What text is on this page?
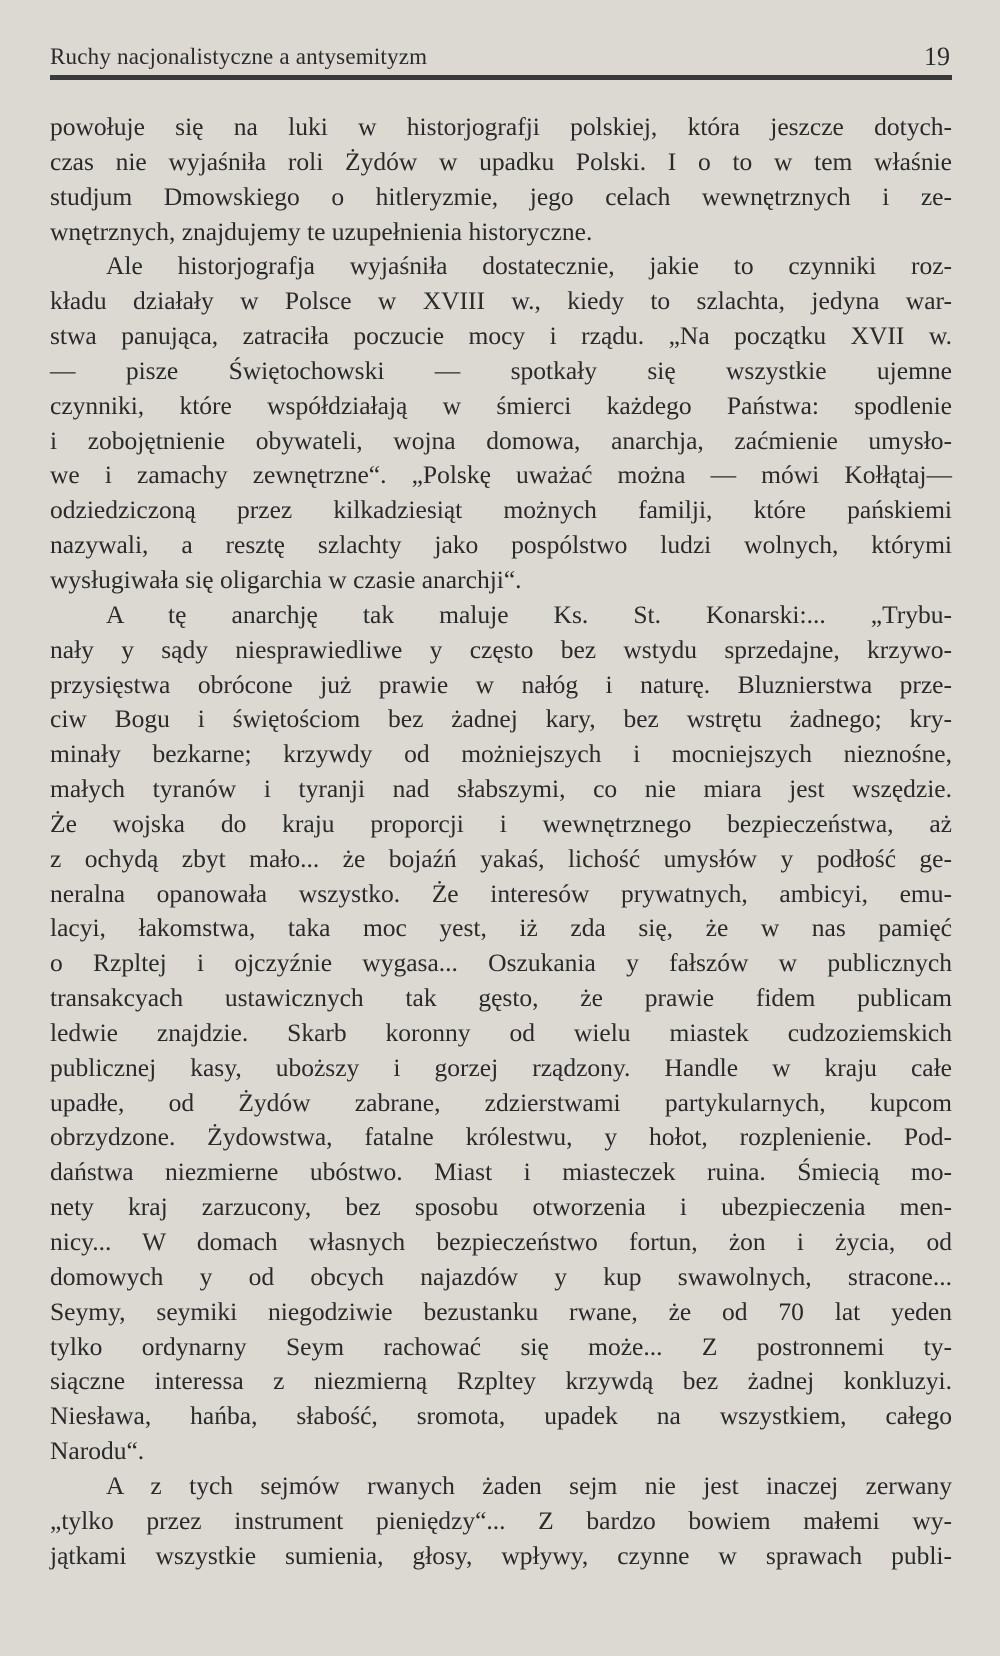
Ruchy nacjonalistyczne a antysemityzm	19

powołuje się na luki w historjografji polskiej, która jeszcze dotych-
czas nie wyjaśniła roli Żydów w upadku Polski. I o to w tem właśnie
studjum Dmowskiego o hitleryzmie, jego celach wewnętrznych i ze-
wnętrznych, znajdujemy te uzupełnienia historyczne.
Ale historjografja wyjaśniła dostatecznie, jakie to czynniki roz-
kładu działały w Polsce w XVIII w., kiedy to szlachta, jedyna war-
stwa panująca, zatraciła poczucie mocy i rządu. „Na początku XVII w.
— pisze Świętochowski — spotkały się wszystkie ujemne
czynniki, które współdziałają w śmierci każdego Państwa: spodlenie
i zobojętnienie obywateli, wojna domowa, anarchja, zaćmienie umysło-
we i zamachy zewnętrzne“. „Polskę uważać można — mówi Kołłątaj—
odziedziczoną przez kilkadziesiąt możnych familji, które pańskiemi
nazywali, a resztę szlachty jako pospólstwo ludzi wolnych, którymi
wysługiwała się oligarchia w czasie anarchji“.
A tę anarchję tak maluje Ks. St. Konarski:... „Trybu-
nały y sądy niesprawiedliwe y często bez wstydu sprzedajne, krzywo-
przysięstwa obrócone już prawie w nałóg i naturę. Bluznierstwa prze-
ciw Bogu i świętościom bez żadnej kary, bez wstrętu żadnego; kry-
minały bezkarne; krzywdy od możniejszych i mocniejszych nieznośne,
małych tyranów i tyranji nad słabszymi, co nie miara jest wszędzie.
Że wojska do kraju proporcji i wewnętrznego bezpieczeństwa, aż
z ochydą zbyt mało... że bojaźń yakaś, lichość umysłów y podłość ge-
neralna opanowała wszystko. Że interesów prywatnych, ambicyi, emu-
lacyi, łakomstwa, taka moc yest, iż zda się, że w nas pamięć
o Rzpltej i ojczyźnie wygasa... Oszukania y fałszów w publicznych
transakcyach ustawicznych tak gęsto, że prawie fidem publicam
ledwie znajdzie. Skarb koronny od wielu miastek cudzoziemskich
publicznej kasy, uboższy i gorzej rządzony. Handle w kraju całe
upadłe, od Żydów zabrane, zdzierstwami partykularnych, kupcom
obrzydzone. Żydowstwa, fatalne królestwu, y hołot, rozplenienie. Pod-
daństwa niezmierne ubóstwo. Miast i miasteczek ruina. Śmiecią mo-
nety kraj zarzucony, bez sposobu otworzenia i ubezpieczenia men-
nicy... W domach własnych bezpieczeństwo fortun, żon i życia, od
domowych y od obcych najazdów y kup swawolnych, stracone...
Seymy, seymiki niegodziwie bezustanku rwane, że od 70 lat yeden
tylko ordynarny Seym rachować się może... Z postronnemi ty-
siączne interessa z niezmierną Rzpltey krzywdą bez żadnej konkluzyi.
Niesława, hańba, słabość, sromota, upadek na wszystkiem, całego
Narodu“.
A z tych sejmów rwanych żaden sejm nie jest inaczej zerwany
„tylko przez instrument pieniędzy“... Z bardzo bowiem małemi wy-
jątkami wszystkie sumienia, głosy, wpływy, czynne w sprawach publi-
